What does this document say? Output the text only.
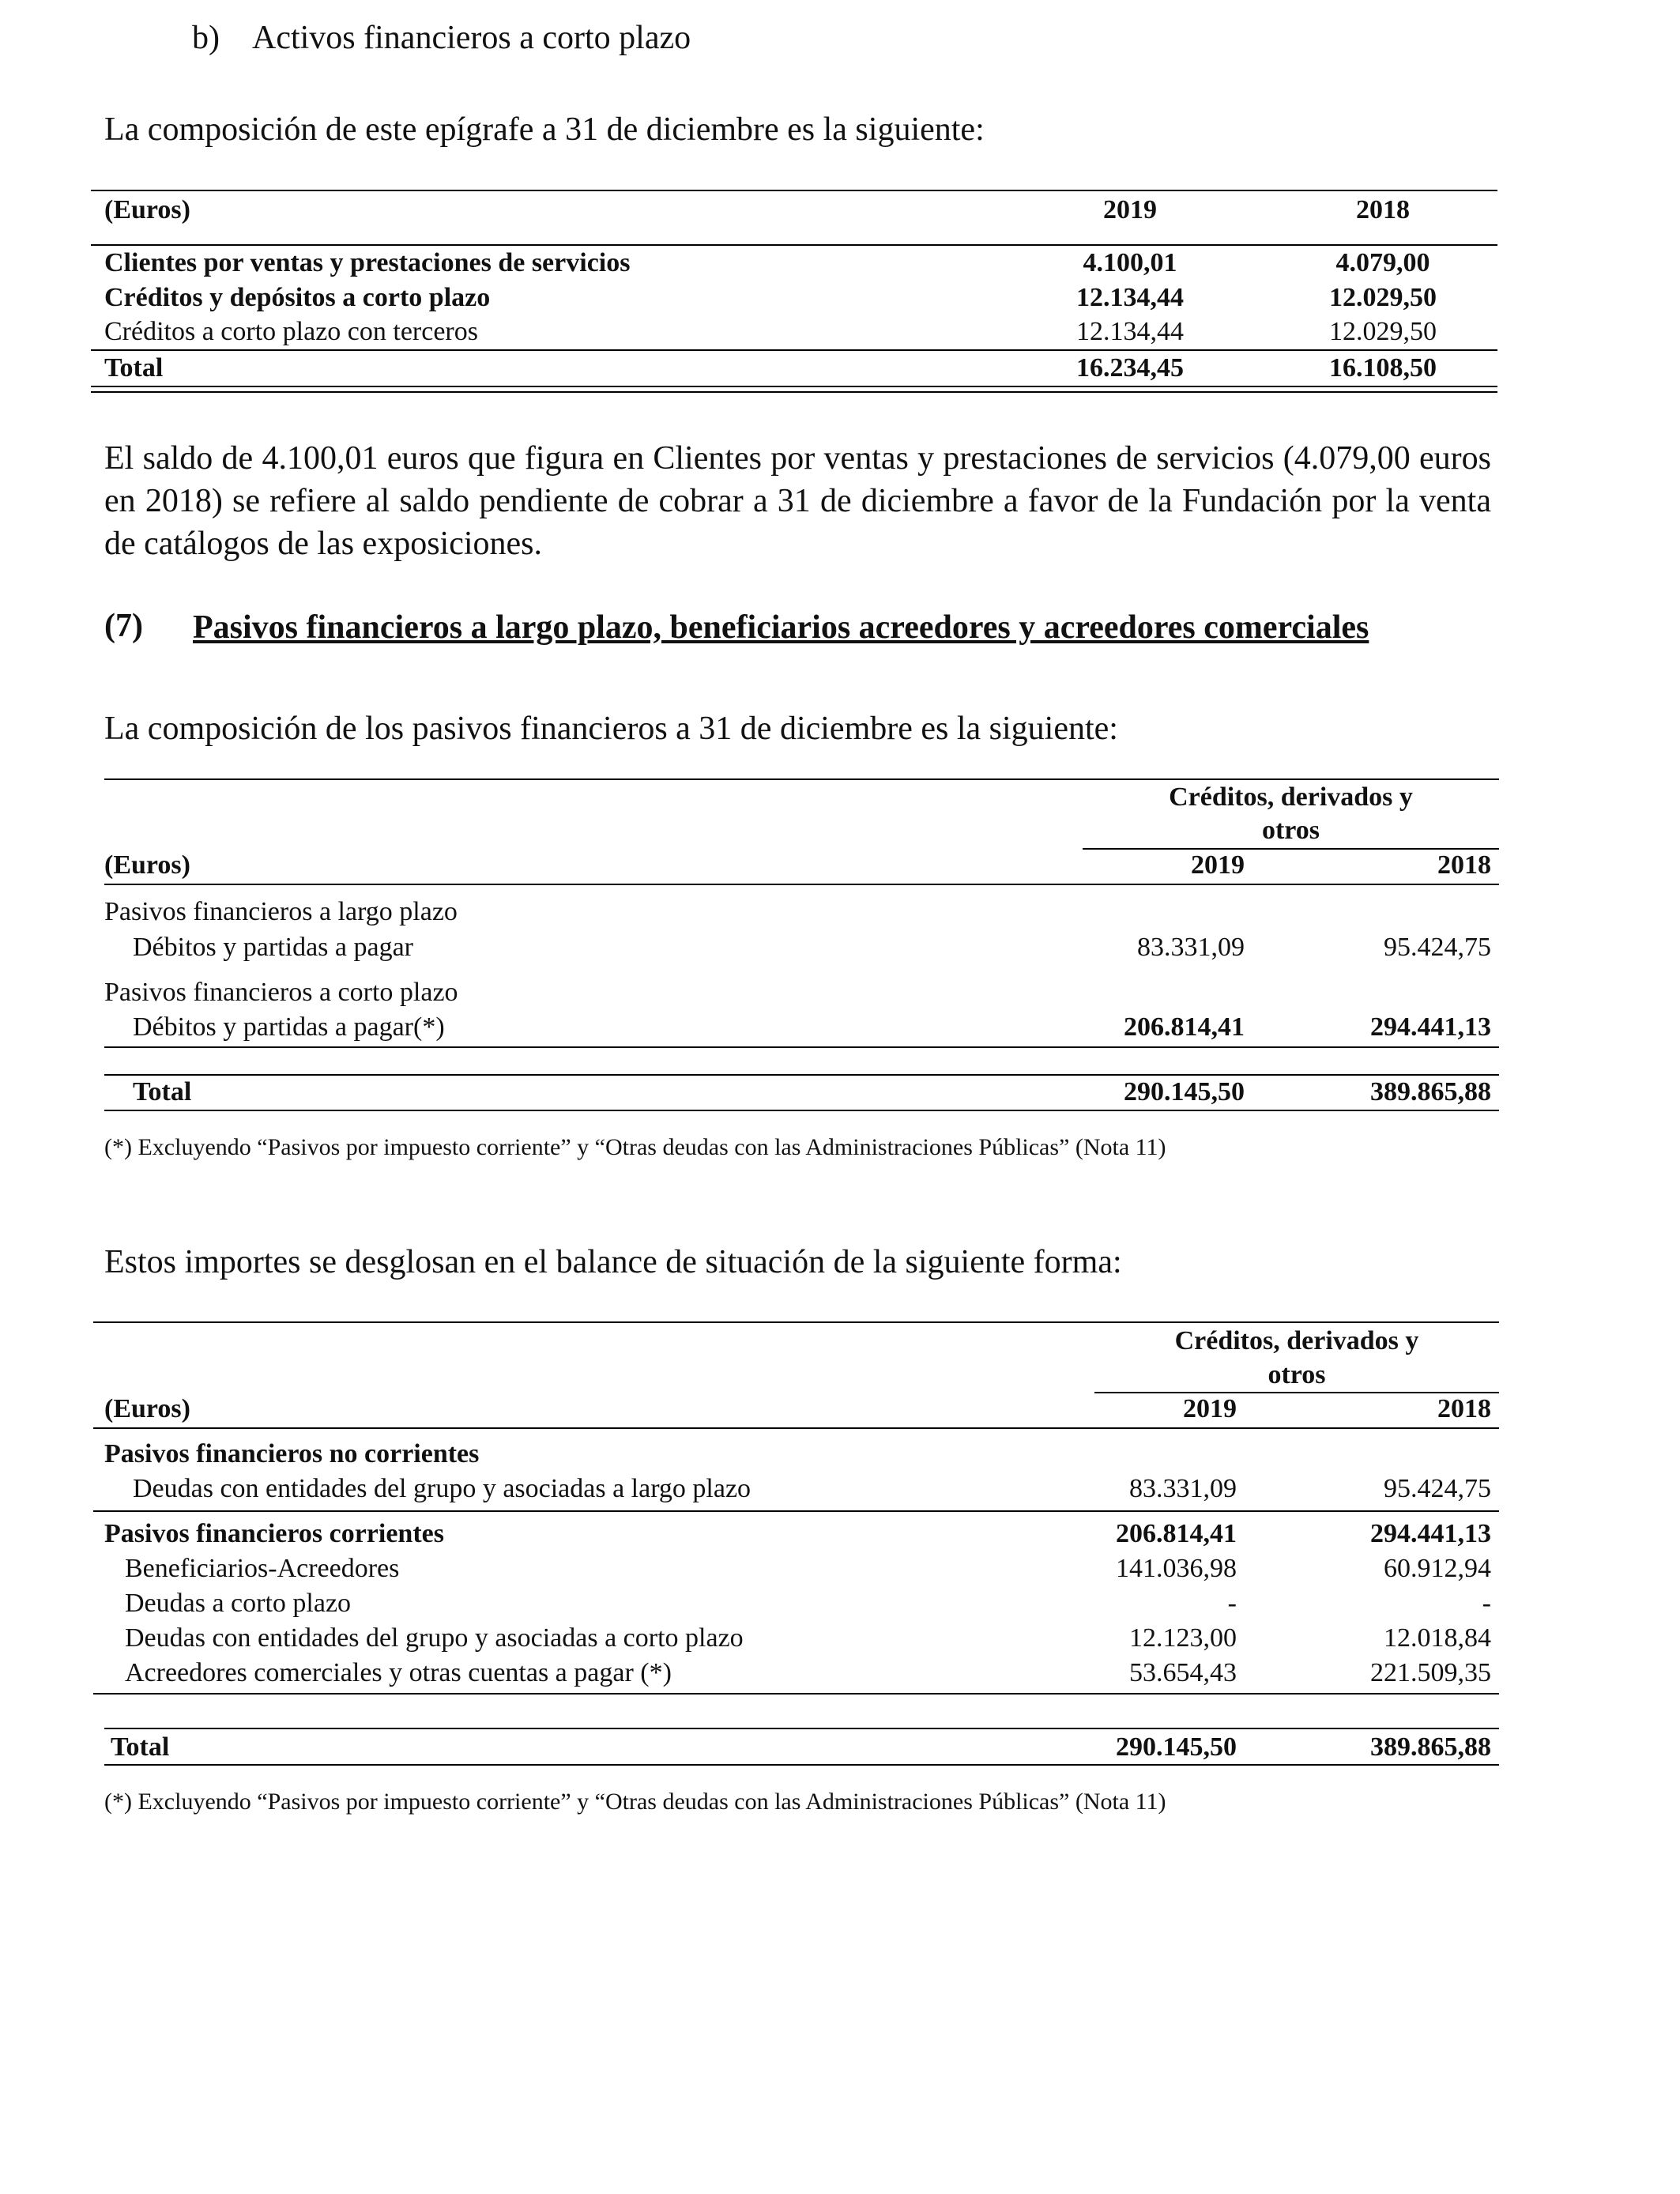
b) Activos financieros a corto plazo
La composición de este epígrafe a 31 de diciembre es la siguiente:
(Euros)	2019	2018
Clientes por ventas y prestaciones de servicios	4.100,01	4.079,00
Créditos y depósitos a corto plazo	12.134,44	12.029,50
Créditos a corto plazo con terceros	12.134,44	12.029,50
Total	16.234,45	16.108,50
El saldo de 4.100,01 euros que figura en Clientes por ventas y prestaciones de servicios (4.079,00 euros en 2018) se refiere al saldo pendiente de cobrar a 31 de diciembre a favor de la Fundación por la venta de catálogos de las exposiciones.
(7) Pasivos financieros a largo plazo, beneficiarios acreedores y acreedores comerciales
La composición de los pasivos financieros a 31 de diciembre es la siguiente:
Créditos, derivados y
otros
(Euros)	2019	2018
Pasivos financieros a largo plazo
Débitos y partidas a pagar	83.331,09	95.424,75
Pasivos financieros a corto plazo
Débitos y partidas a pagar(*)	206.814,41	294.441,13
Total	290.145,50	389.865,88
(*) Excluyendo “Pasivos por impuesto corriente” y “Otras deudas con las Administraciones Públicas” (Nota 11)
Estos importes se desglosan en el balance de situación de la siguiente forma:
Créditos, derivados y
otros
(Euros)	2019	2018
Pasivos financieros no corrientes
Deudas con entidades del grupo y asociadas a largo plazo	83.331,09	95.424,75
Pasivos financieros corrientes	206.814,41	294.441,13
Beneficiarios-Acreedores	141.036,98	60.912,94
Deudas a corto plazo	-	-
Deudas con entidades del grupo y asociadas a corto plazo	12.123,00	12.018,84
Acreedores comerciales y otras cuentas a pagar (*)	53.654,43	221.509,35
Total	290.145,50	389.865,88
(*) Excluyendo “Pasivos por impuesto corriente” y “Otras deudas con las Administraciones Públicas” (Nota 11)
